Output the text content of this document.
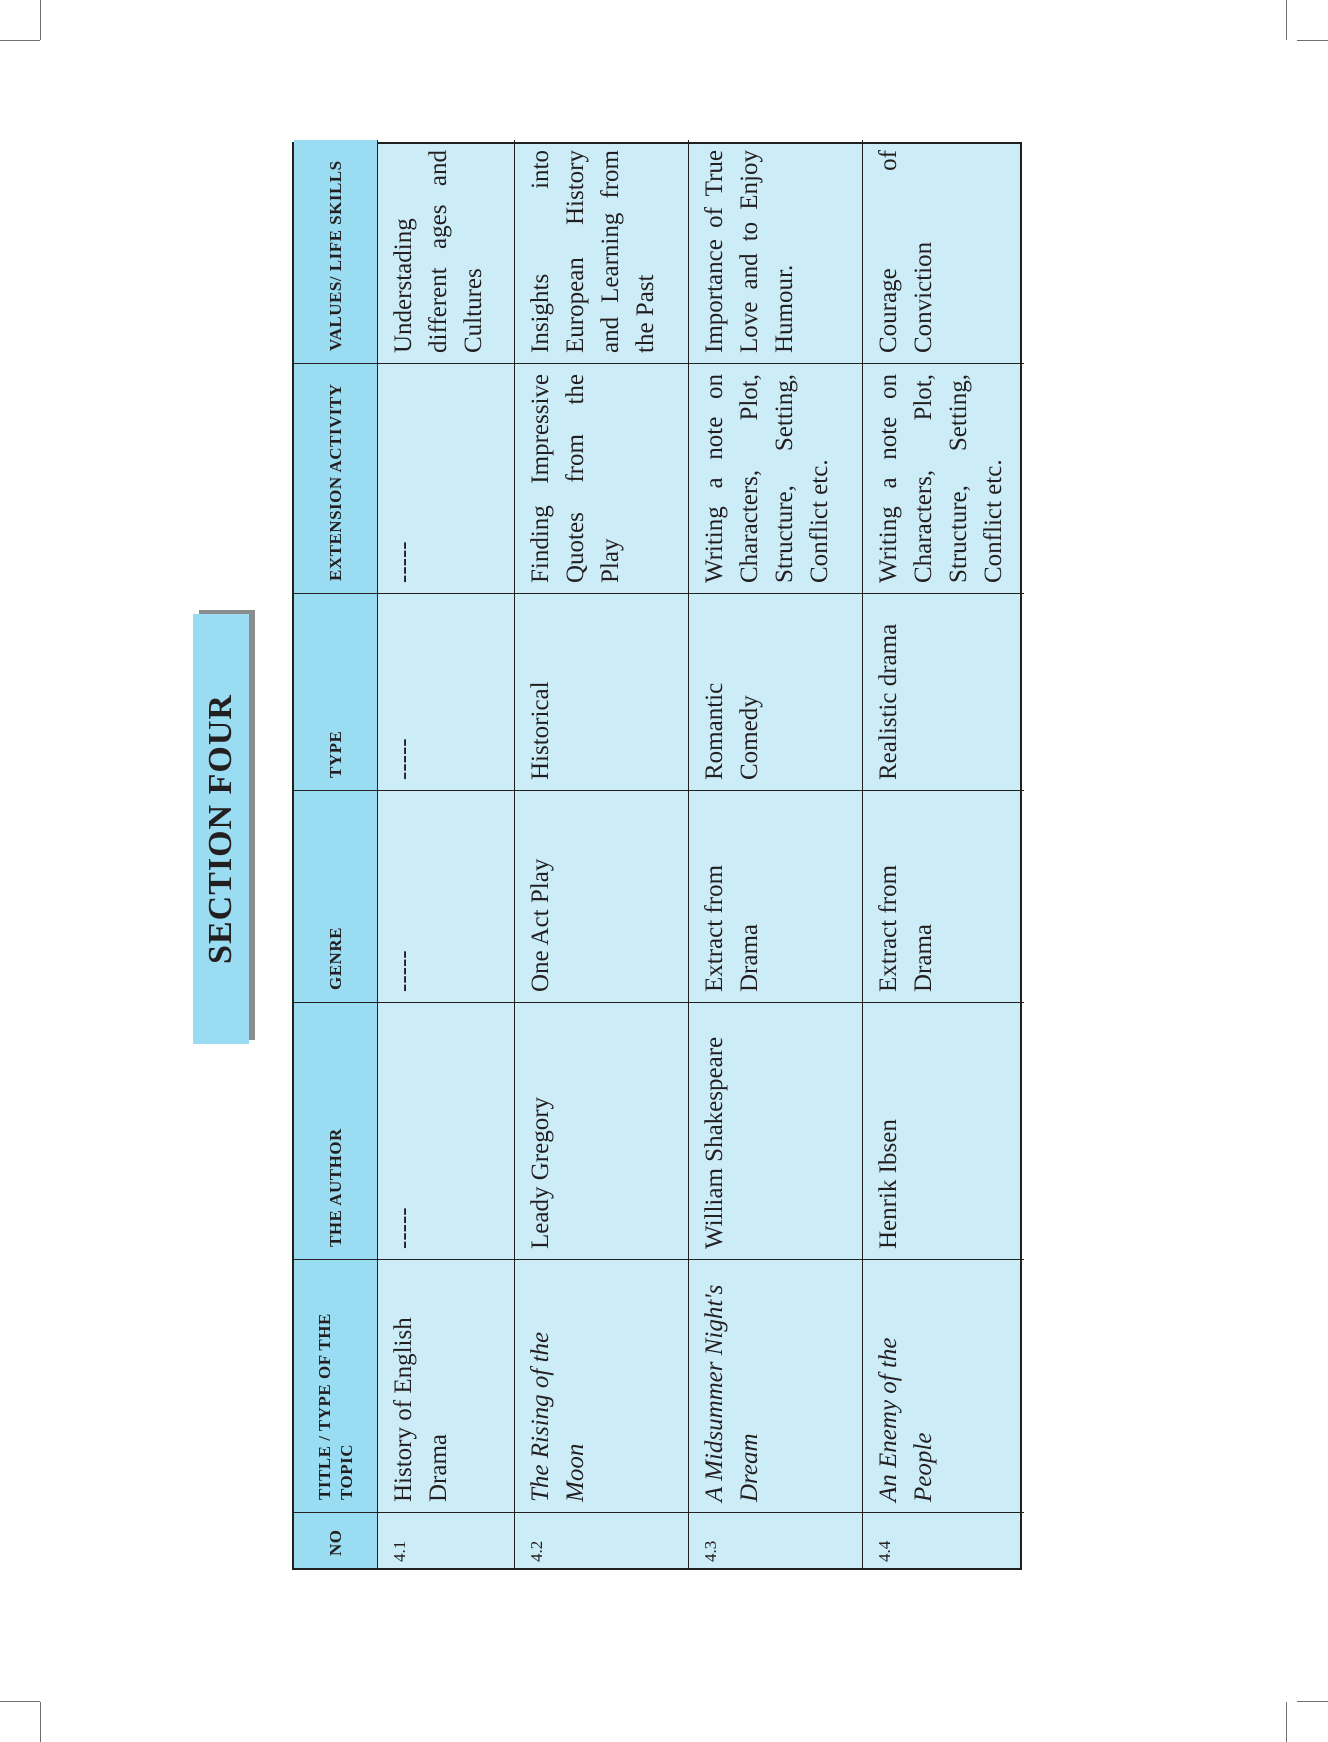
SECTION FOUR
NO
TITLE / TYPE OF THE TOPIC
THE AUTHOR
GENRE
TYPE
EXTENSION ACTIVITY
VALUES/ LIFE SKILLS
4.1
History of English Drama
-----
-----
-----
-----
Understading different ages and Cultures
4.2
The Rising of the Moon
Leady Gregory
One Act Play
Historical
Finding Impressive Quotes from the Play
Insights into European History and Learning from the Past
4.3
A Midsummer Night's Dream
William Shakespeare
Extract from Drama
Romantic Comedy
Writing a note on Characters, Plot, Structure, Setting, Conflict etc.
Importance of True Love and to Enjoy Humour.
4.4
An Enemy of the People
Henrik Ibsen
Extract from Drama
Realistic drama
Writing a note on Characters, Plot, Structure, Setting, Conflict etc.
Courage of Conviction
